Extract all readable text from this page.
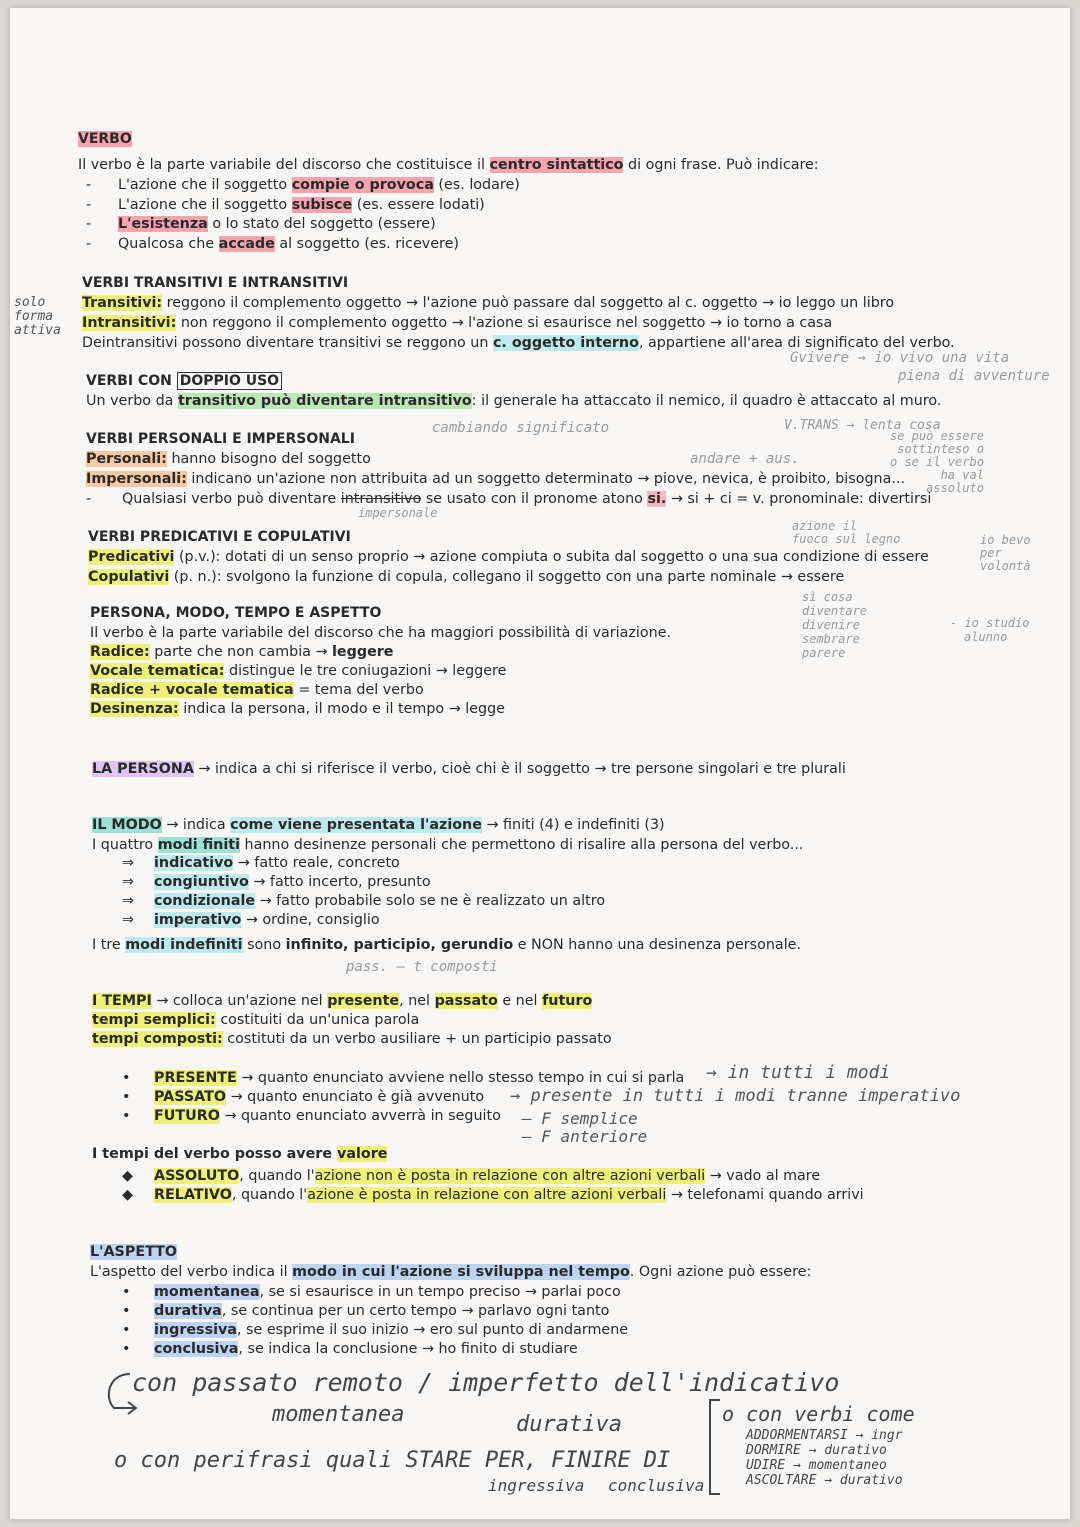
VERBO
Il verbo è la parte variabile del discorso che costituisce il centro sintattico di ogni frase. Può indicare:
- L'azione che il soggetto compie o provoca (es. lodare)
- L'azione che il soggetto subisce (es. essere lodati)
- L'esistenza o lo stato del soggetto (essere)
- Qualcosa che accade al soggetto (es. ricevere)
VERBI TRANSITIVI E INTRANSITIVI
Transitivi: reggono il complemento oggetto → l'azione può passare dal soggetto al c. oggetto → io leggo un libro
Intransitivi: non reggono il complemento oggetto → l'azione si esaurisce nel soggetto → io torno a casa
Deintransitivi possono diventare transitivi se reggono un c. oggetto interno, appartiene all'area di significato del verbo.
solo
forma
attiva
Gvivere → io vivo una vita
piena di avventure
VERBI CON DOPPIO USO
Un verbo da transitivo può diventare intransitivo: il generale ha attaccato il nemico, il quadro è attaccato al muro.
cambiando significato	V.TRANS → lenta cosa
VERBI PERSONALI E IMPERSONALI
Personali: hanno bisogno del soggetto
Impersonali: indicano un'azione non attribuita ad un soggetto determinato → piove, nevica, è proibito, bisogna...
- Qualsiasi verbo può diventare intransitivo se usato con il pronome atono si. → si + ci = v. pronominale: divertirsi
impersonale
andare + aus.
se può essere
sottinteso o
o se il verbo
ha val
assoluto
VERBI PREDICATIVI E COPULATIVI
Predicativi (p.v.): dotati di un senso proprio → azione compiuta o subita dal soggetto o una sua condizione di essere
Copulativi (p. n.): svolgono la funzione di copula, collegano il soggetto con una parte nominale → essere
azione il
fuoco sul legno	io bevo
per
volontà
PERSONA, MODO, TEMPO E ASPETTO
Il verbo è la parte variabile del discorso che ha maggiori possibilità di variazione.
Radice: parte che non cambia → leggere
Vocale tematica: distingue le tre coniugazioni → leggere
Radice + vocale tematica = tema del verbo
Desinenza: indica la persona, il modo e il tempo → legge
sì cosa
diventare
divenire
sembrare
parere
- io studio
alunno
LA PERSONA → indica a chi si riferisce il verbo, cioè chi è il soggetto → tre persone singolari e tre plurali
IL MODO → indica come viene presentata l'azione → finiti (4) e indefiniti (3)
I quattro modi finiti hanno desinenze personali che permettono di risalire alla persona del verbo...
⇒ indicativo → fatto reale, concreto
⇒ congiuntivo → fatto incerto, presunto
⇒ condizionale → fatto probabile solo se ne è realizzato un altro
⇒ imperativo → ordine, consiglio
I tre modi indefiniti sono infinito, participio, gerundio e NON hanno una desinenza personale.
pass. – t composti
I TEMPI → colloca un'azione nel presente, nel passato e nel futuro
tempi semplici: costituiti da un'unica parola
tempi composti: costituti da un verbo ausiliare + un participio passato
• PRESENTE → quanto enunciato avviene nello stesso tempo in cui si parla
• PASSATO → quanto enunciato è già avvenuto
• FUTURO → quanto enunciato avverrà in seguito
→ in tutti i modi
→ presente in tutti i modi tranne imperativo
– F semplice
– F anteriore
I tempi del verbo posso avere valore
◆ ASSOLUTO, quando l'azione non è posta in relazione con altre azioni verbali → vado al mare
◆ RELATIVO, quando l'azione è posta in relazione con altre azioni verbali → telefonami quando arrivi
L'ASPETTO
L'aspetto del verbo indica il modo in cui l'azione si sviluppa nel tempo. Ogni azione può essere:
• momentanea, se si esaurisce in un tempo preciso → parlai poco
• durativa, se continua per un certo tempo → parlavo ogni tanto
• ingressiva, se esprime il suo inizio → ero sul punto di andarmene
• conclusiva, se indica la conclusione → ho finito di studiare
con passato remoto / imperfetto dell'indicativo
momentanea	durativa
o con perifrasi quali STARE PER, FINIRE DI
ingressiva conclusiva
o con verbi come
ADDORMENTARSI → ingr
DORMIRE → durativo
UDIRE → momentaneo
ASCOLTARE → durativo
